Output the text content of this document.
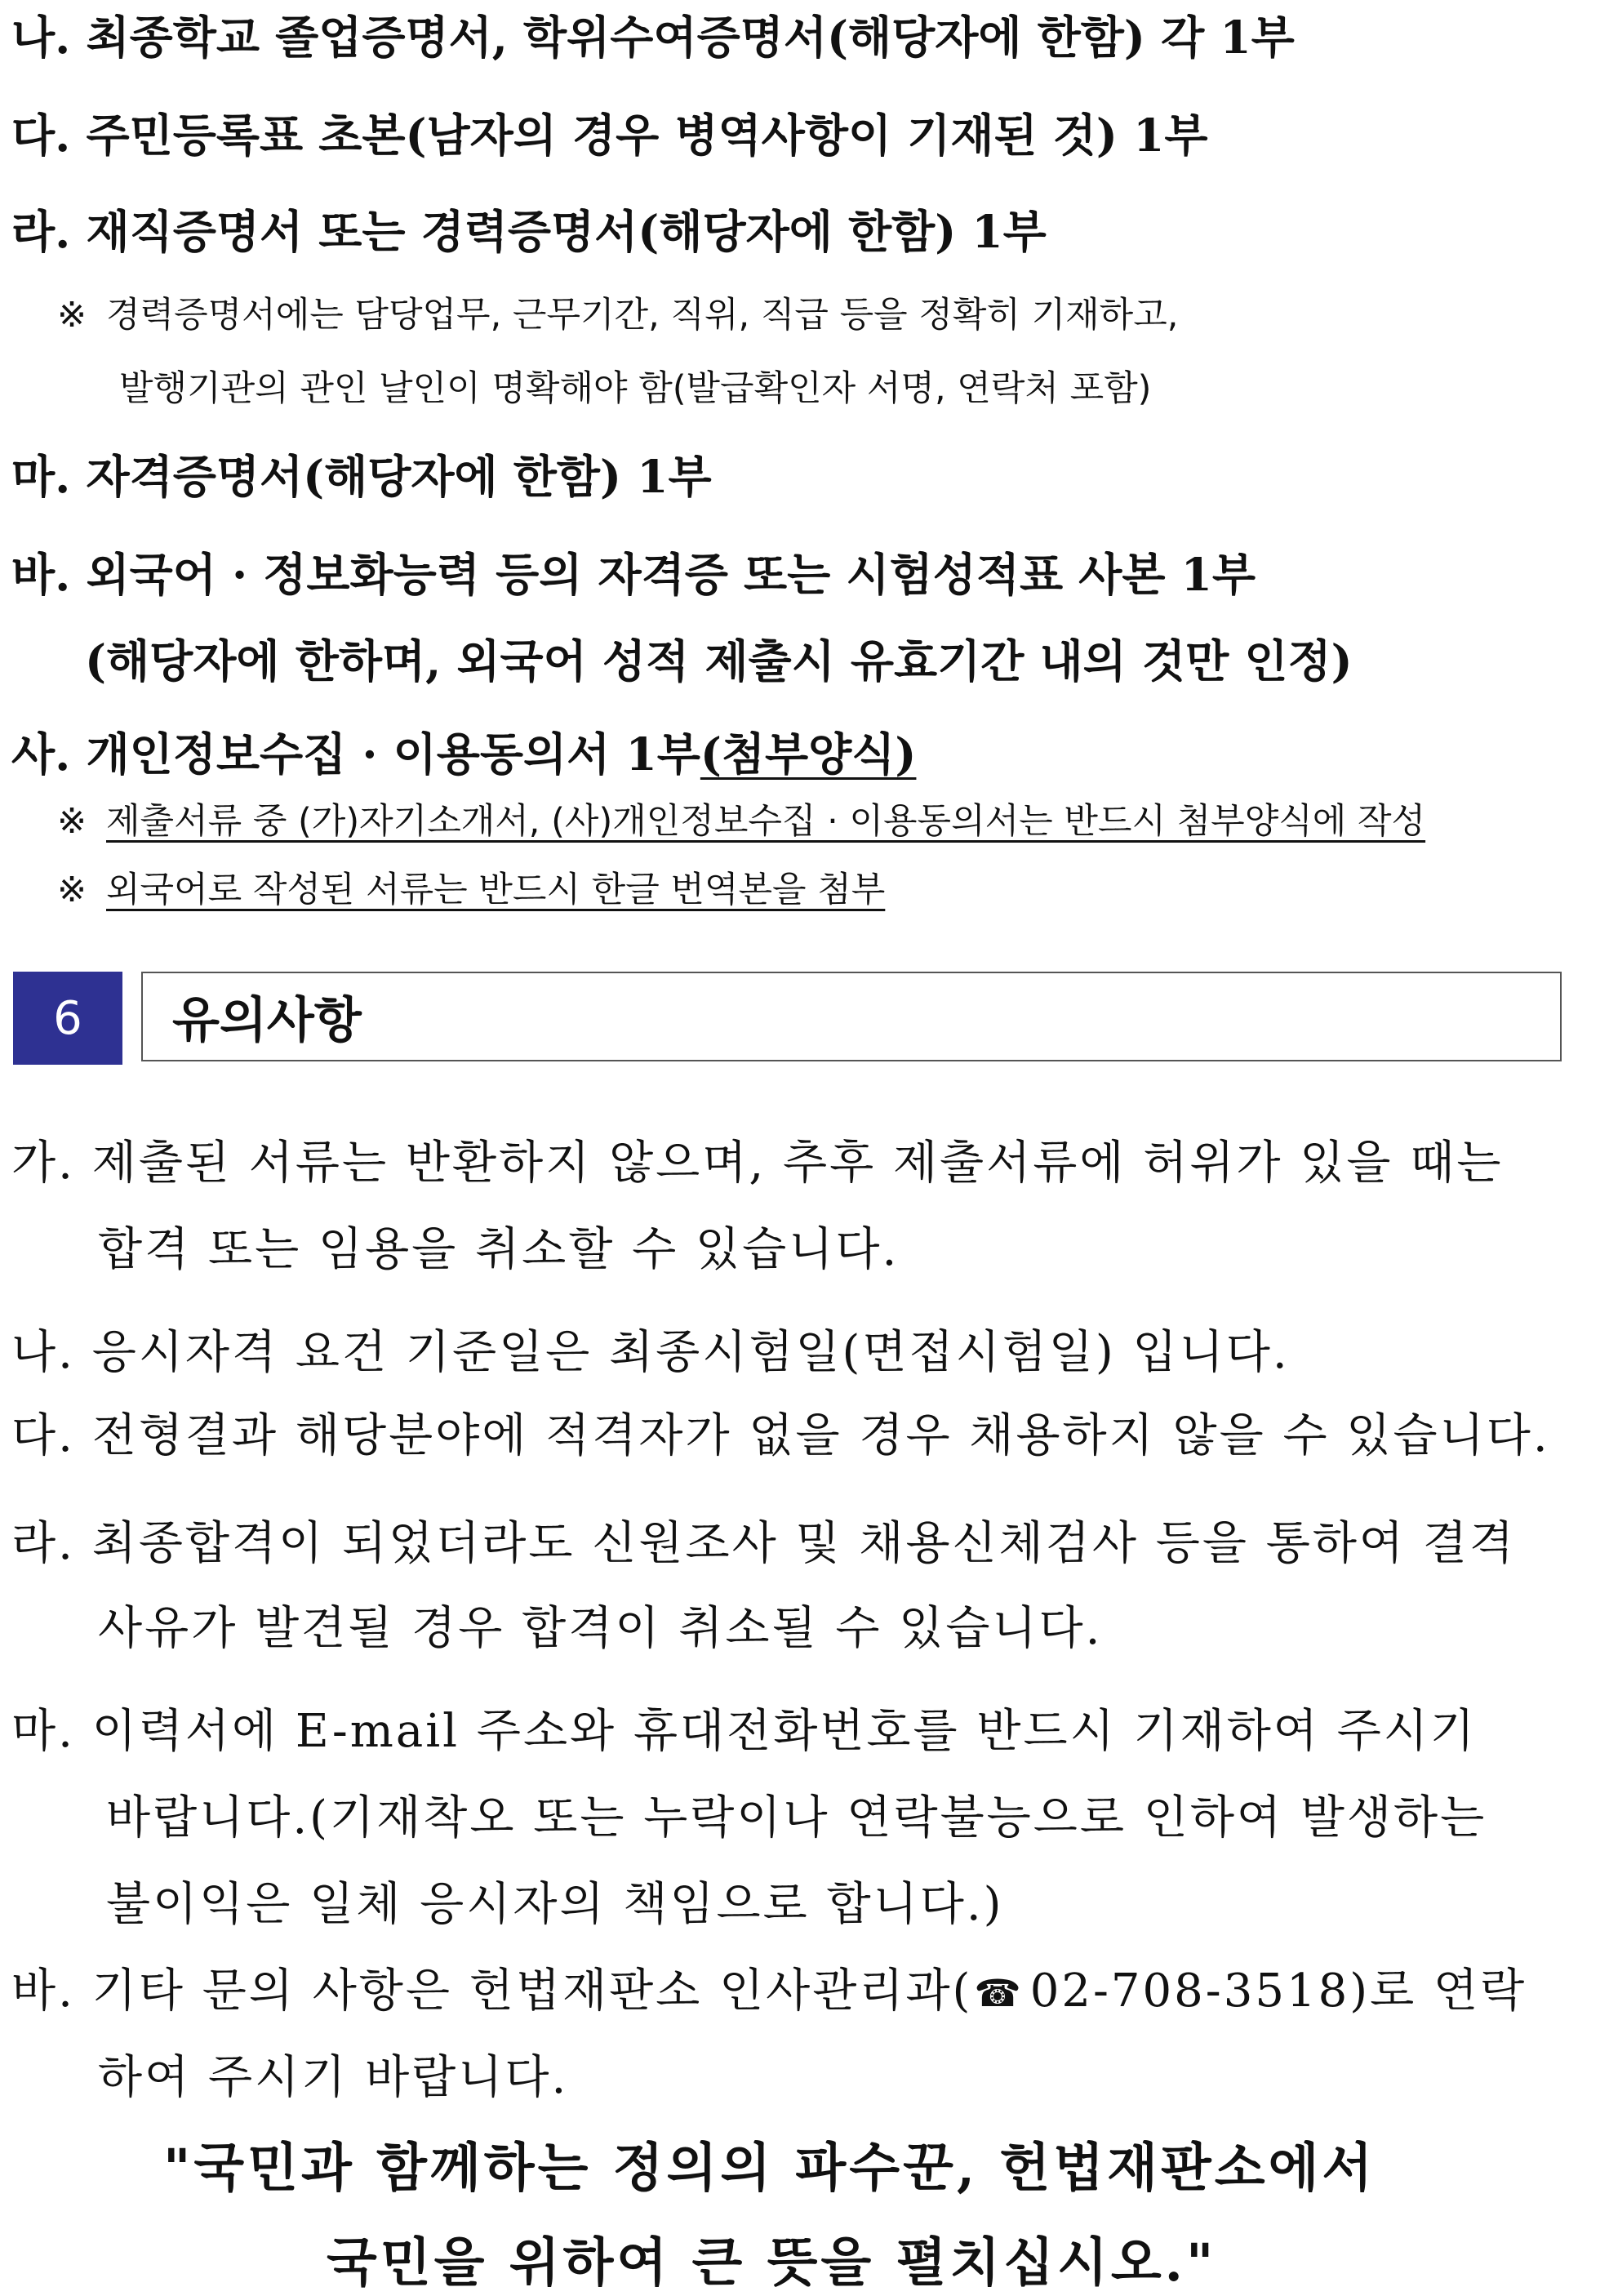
나. 최종학교 졸업증명서, 학위수여증명서(해당자에 한함) 각 1부
다. 주민등록표 초본(남자의 경우 병역사항이 기재된 것) 1부
라. 재직증명서 또는 경력증명서(해당자에 한함) 1부
※ 경력증명서에는 담당업무, 근무기간, 직위, 직급 등을 정확히 기재하고,
발행기관의 관인 날인이 명확해야 함(발급확인자 서명, 연락처 포함)
마. 자격증명서(해당자에 한함) 1부
바. 외국어 · 정보화능력 등의 자격증 또는 시험성적표 사본 1부
(해당자에 한하며, 외국어 성적 제출시 유효기간 내의 것만 인정)
사. 개인정보수집 · 이용동의서 1부(첨부양식)
※ 제출서류 중 (가)자기소개서, (사)개인정보수집 · 이용동의서는 반드시 첨부양식에 작성
※ 외국어로 작성된 서류는 반드시 한글 번역본을 첨부
6	유의사항
가. 제출된 서류는 반환하지 않으며, 추후 제출서류에 허위가 있을 때는
합격 또는 임용을 취소할 수 있습니다.
나. 응시자격 요건 기준일은 최종시험일(면접시험일) 입니다.
다. 전형결과 해당분야에 적격자가 없을 경우 채용하지 않을 수 있습니다.
라. 최종합격이 되었더라도 신원조사 및 채용신체검사 등을 통하여 결격
사유가 발견될 경우 합격이 취소될 수 있습니다.
마. 이력서에 E-mail 주소와 휴대전화번호를 반드시 기재하여 주시기
바랍니다.(기재착오 또는 누락이나 연락불능으로 인하여 발생하는
불이익은 일체 응시자의 책임으로 합니다.)
바. 기타 문의 사항은 헌법재판소 인사관리과(☎ 02-708-3518)로 연락
하여 주시기 바랍니다.
"국민과 함께하는 정의의 파수꾼, 헌법재판소에서
국민을 위하여 큰 뜻을 펼치십시오."
